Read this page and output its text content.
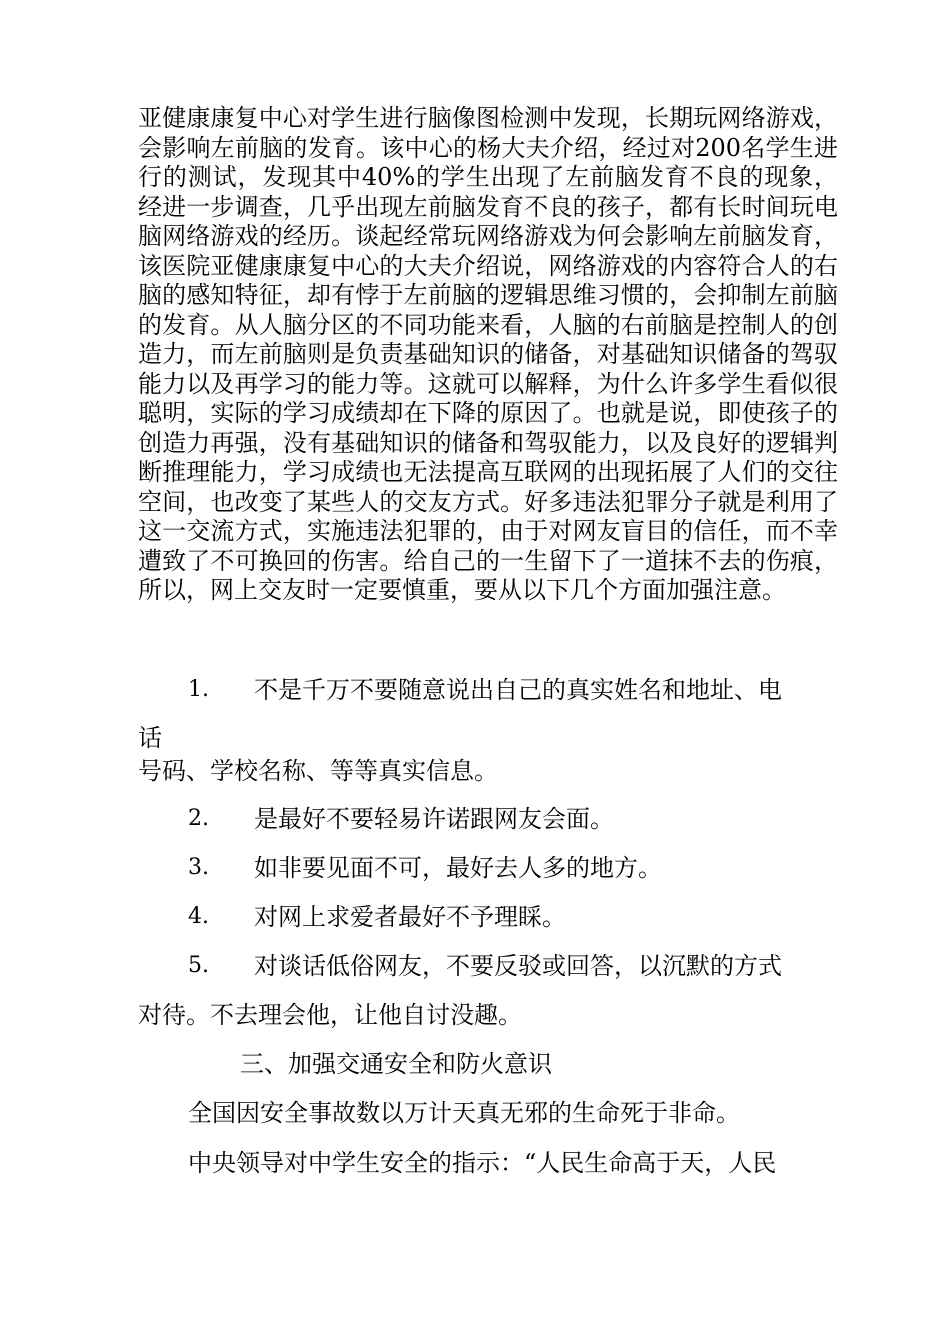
亚健康康复中心对学生进行脑像图检测中发现，长期玩网络游戏，会影响左前脑的发育。该中心的杨大夫介绍，经过对200名学生进行的测试，发现其中40%的学生出现了左前脑发育不良的现象，经进一步调查，几乎出现左前脑发育不良的孩子，都有长时间玩电脑网络游戏的经历。谈起经常玩网络游戏为何会影响左前脑发育，该医院亚健康康复中心的大夫介绍说，网络游戏的内容符合人的右脑的感知特征，却有悖于左前脑的逻辑思维习惯的，会抑制左前脑的发育。从人脑分区的不同功能来看，人脑的右前脑是控制人的创造力，而左前脑则是负责基础知识的储备，对基础知识储备的驾驭能力以及再学习的能力等。这就可以解释，为什么许多学生看似很聪明，实际的学习成绩却在下降的原因了。也就是说，即使孩子的创造力再强，没有基础知识的储备和驾驭能力，以及良好的逻辑判断推理能力，学习成绩也无法提高互联网的出现拓展了人们的交往空间，也改变了某些人的交友方式。好多违法犯罪分子就是利用了这一交流方式，实施违法犯罪的，由于对网友盲目的信任，而不幸遭致了不可换回的伤害。给自己的一生留下了一道抹不去的伤痕，所以，网上交友时一定要慎重，要从以下几个方面加强注意。

1. 不是千万不要随意说出自己的真实姓名和地址、电

话

号码、学校名称、等等真实信息。

2. 是最好不要轻易许诺跟网友会面。

3. 如非要见面不可，最好去人多的地方。

4. 对网上求爱者最好不予理睬。

5. 对谈话低俗网友，不要反驳或回答，以沉默的方式

对待。不去理会他，让他自讨没趣。

三、加强交通安全和防火意识

全国因安全事故数以万计天真无邪的生命死于非命。

中央领导对中学生安全的指示：“人民生命高于天，人民
